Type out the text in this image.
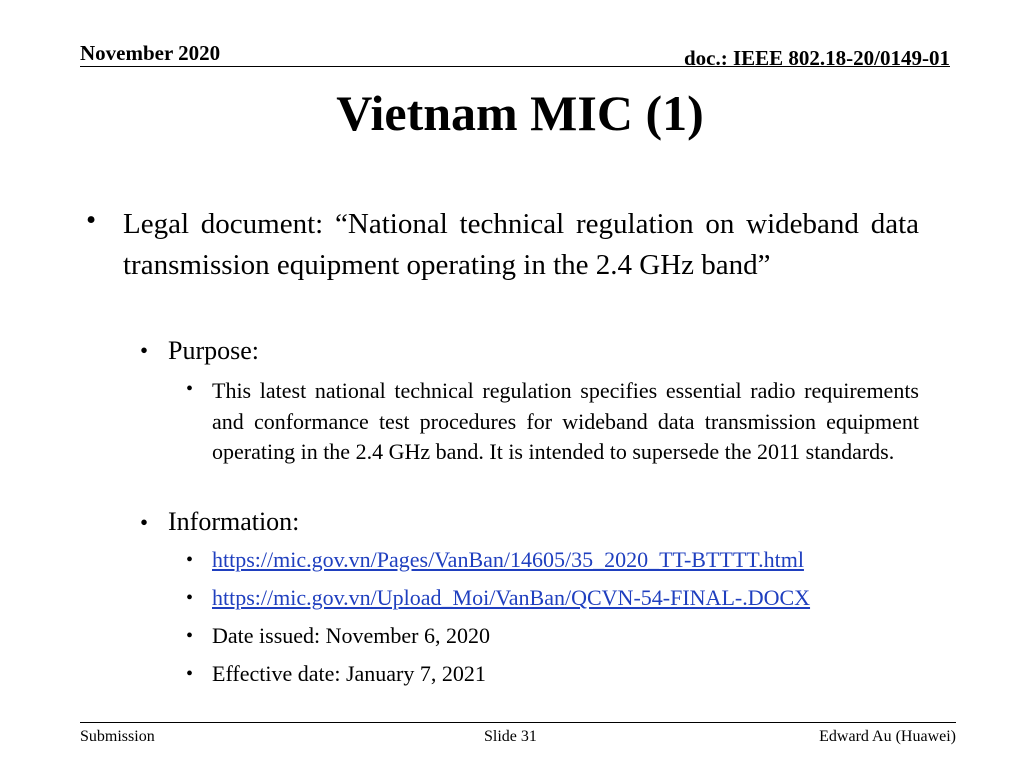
November 2020	doc.: IEEE 802.18-20/0149-01
Vietnam MIC (1)
• Legal document: “National technical regulation on wideband data transmission equipment operating in the 2.4 GHz band”
• Purpose:
• This latest national technical regulation specifies essential radio requirements and conformance test procedures for wideband data transmission equipment operating in the 2.4 GHz band. It is intended to supersede the 2011 standards.
• Information:
• https://mic.gov.vn/Pages/VanBan/14605/35_2020_TT-BTTTT.html
• https://mic.gov.vn/Upload_Moi/VanBan/QCVN-54-FINAL-.DOCX
• Date issued: November 6, 2020
• Effective date: January 7, 2021
Submission	Slide 31	Edward Au (Huawei)
